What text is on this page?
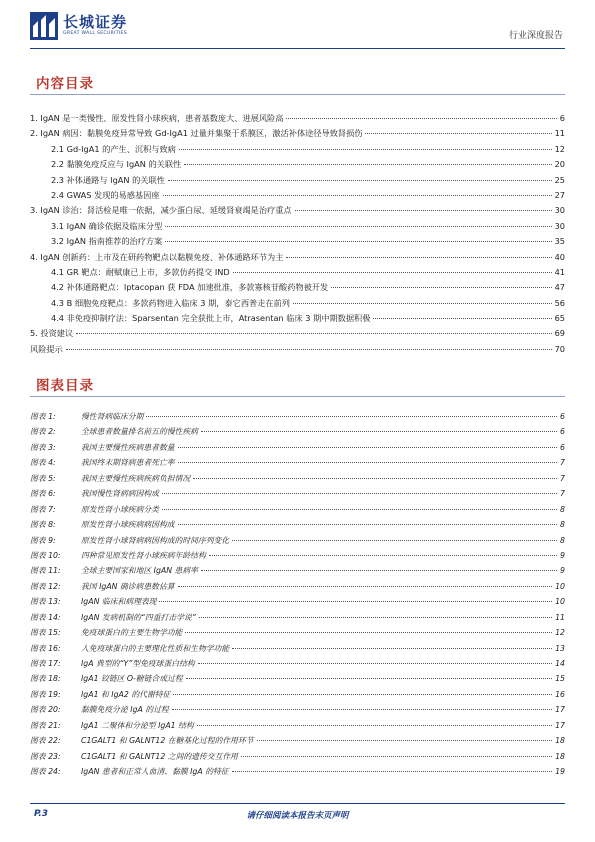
长城证券
GREAT WALL SECURITIES	行业深度报告
内容目录
1. IgAN 是一类慢性、原发性肾小球疾病，患者基数庞大、进展风险高	6
2. IgAN 病因：黏膜免疫异常导致 Gd-IgA1 过量并集聚于系膜区，激活补体途径导致肾损伤	11
2.1 Gd-IgA1 的产生、沉积与致病	12
2.2 黏膜免疫反应与 IgAN 的关联性	20
2.3 补体通路与 IgAN 的关联性	25
2.4 GWAS 发现的易感基因座	27
3. IgAN 诊治：肾活检是唯一依据，减少蛋白尿、延缓肾衰竭是治疗重点	30
3.1 IgAN 确诊依据及临床分型	30
3.2 IgAN 指南推荐的治疗方案	35
4. IgAN 创新药：上市及在研药物靶点以黏膜免疫、补体通路环节为主	40
4.1 GR 靶点：耐赋康已上市，多款仿药提交 IND	41
4.2 补体通路靶点：Iptacopan 获 FDA 加速批准，多款寡核苷酸药物被开发	47
4.3 B 细胞免疫靶点：多款药物进入临床 3 期，泰它西普走在前列	56
4.4 非免疫抑制疗法：Sparsentan 完全获批上市，Atrasentan 临床 3 期中期数据积极	65
5. 投资建议	69
风险提示	70
图表目录
图表 1:	慢性肾病临床分期	6
图表 2:	全球患者数量排名前五的慢性疾病	6
图表 3:	我国主要慢性疾病患者数量	6
图表 4:	我国终末期肾病患者死亡率	7
图表 5:	我国主要慢性疾病疾病负担情况	7
图表 6:	我国慢性肾病病因构成	7
图表 7:	原发性肾小球疾病分类	8
图表 8:	原发性肾小球疾病病因构成	8
图表 9:	原发性肾小球肾病病因构成的时间序列变化	8
图表 10:	四种常见原发性肾小球疾病年龄结构	9
图表 11:	全球主要国家和地区 IgAN 患病率	9
图表 12:	我国 IgAN 确诊病患数估算	10
图表 13:	IgAN 临床和病理表现	10
图表 14:	IgAN 发病机制的“四重打击学说”	11
图表 15:	免疫球蛋白的主要生物学功能	12
图表 16:	人免疫球蛋白的主要理化性质和生物学功能	13
图表 17:	IgA 典型的“Y”型免疫球蛋白结构	14
图表 18:	IgA1 铰链区 O-糖链合成过程	15
图表 19:	IgA1 和 IgA2 的代谢特征	16
图表 20:	黏膜免疫分泌 IgA 的过程	17
图表 21:	IgA1 二聚体和分泌型 IgA1 结构	17
图表 22:	C1GALT1 和 GALNT12 在糖基化过程的作用环节	18
图表 23:	C1GALT1 和 GALNT12 之间的遗传交互作用	18
图表 24:	IgAN 患者和正常人血清、黏膜 IgA 的特征	19
P.3	请仔细阅读本报告末页声明
